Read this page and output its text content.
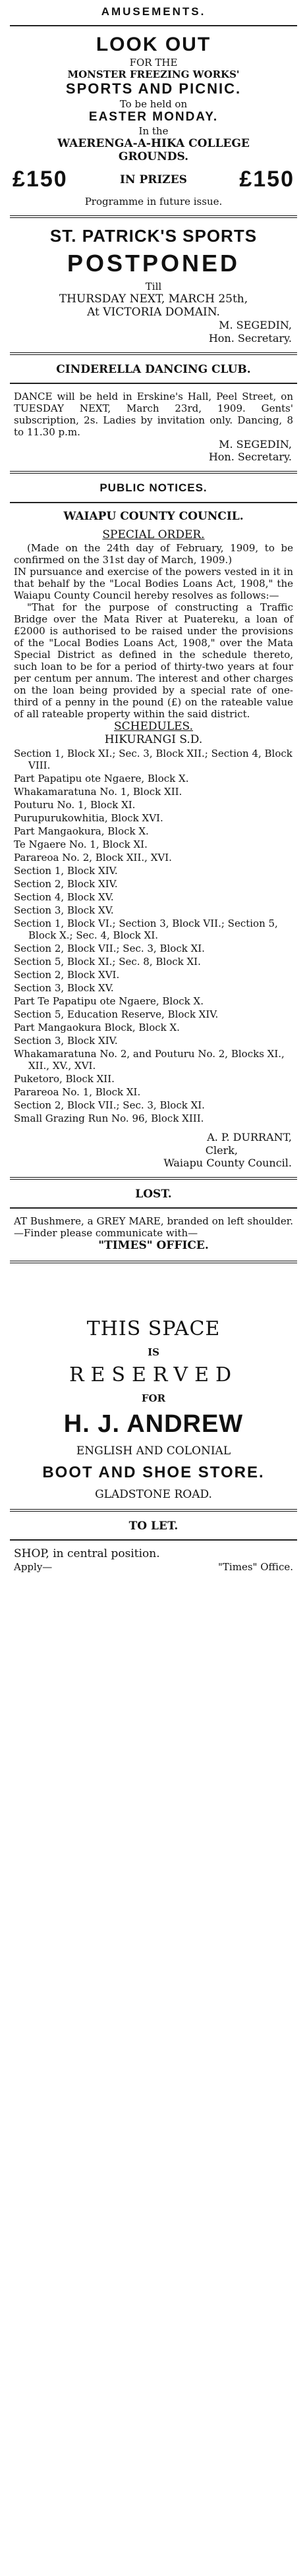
AMUSEMENTS.
LOOK OUT
FOR THE
MONSTER FREEZING WORKS'
SPORTS AND PICNIC.
To be held on
EASTER MONDAY.
In the
WAERENGA-A-HIKA COLLEGE
GROUNDS.
£150	IN PRIZES £150
Programme in future issue.
ST. PATRICK'S SPORTS
POSTPONED
Till
THURSDAY NEXT, MARCH 25th,
At VICTORIA DOMAIN.
M. SEGEDIN,
Hon. Secretary.
CINDERELLA DANCING CLUB.

DANCE will be held in Erskine's Hall, Peel Street, on TUESDAY NEXT, March 23rd, 1909. Gents' subscription, 2s. Ladies by invitation only. Dancing, 8 to 11.30 p.m.

M. SEGEDIN,
Hon. Secretary.
PUBLIC NOTICES.
WAIAPU COUNTY COUNCIL.
SPECIAL ORDER.

(Made on the 24th day of February, 1909, to be confirmed on the 31st day of March, 1909.)

IN pursuance and exercise of the powers vested in it in that behalf by the "Local Bodies Loans Act, 1908," the Waiapu County Council hereby resolves as follows:—

"That for the purpose of constructing a Traffic Bridge over the Mata River at Puatereku, a loan of £2000 is authorised to be raised under the provisions of the "Local Bodies Loans Act, 1908," over the Mata Special District as defined in the schedule thereto, such loan to be for a period of thirty-two years at four per centum per annum. The interest and other charges on the loan being provided by a special rate of one-third of a penny in the pound (£) on the rateable value of all rateable property within the said district.

SCHEDULES.
HIKURANGI S.D.
Section 1, Block XI.; Sec. 3, Block XII.; Section 4, Block VIII.
Part Papatipu ote Ngaere, Block X.
Whakamaratuna No. 1, Block XII.
Pouturu No. 1, Block XI.
Purupurukowhitia, Block XVI.
Part Mangaokura, Block X.
Te Ngaere No. 1, Block XI.
Parareoa No. 2, Block XII., XVI.
Section 1, Block XIV.
Section 2, Block XIV.
Section 4, Block XV.
Section 3, Block XV.
Section 1, Block VI.; Section 3, Block VII.; Section 5, Block X.; Sec. 4, Block XI.
Section 2, Block VII.; Sec. 3, Block XI.
Section 5, Block XI.; Sec. 8, Block XI.
Section 2, Block XVI.
Section 3, Block XV.
Part Te Papatipu ote Ngaere, Block X.
Section 5, Education Reserve, Block XIV.
Part Mangaokura Block, Block X.
Section 3, Block XIV.
Whakamaratuna No. 2, and Pouturu No. 2, Blocks XI., XII., XV., XVI.
Puketoro, Block XII.
Parareoa No. 1, Block XI.
Section 2, Block VII.; Sec. 3, Block XI.
Small Grazing Run No. 96, Block XIII.
A. P. DURRANT,
Clerk,
Waiapu County Council.
LOST.

AT Bushmere, a GREY MARE, branded on left shoulder.—Finder please communicate with—

"TIMES" OFFICE.
THIS SPACE
IS
RESERVED
FOR
H. J. ANDREW
ENGLISH AND COLONIAL
BOOT AND SHOE STORE.
GLADSTONE ROAD.
TO LET.

SHOP, in central position.

Apply—	"Times" Office.
